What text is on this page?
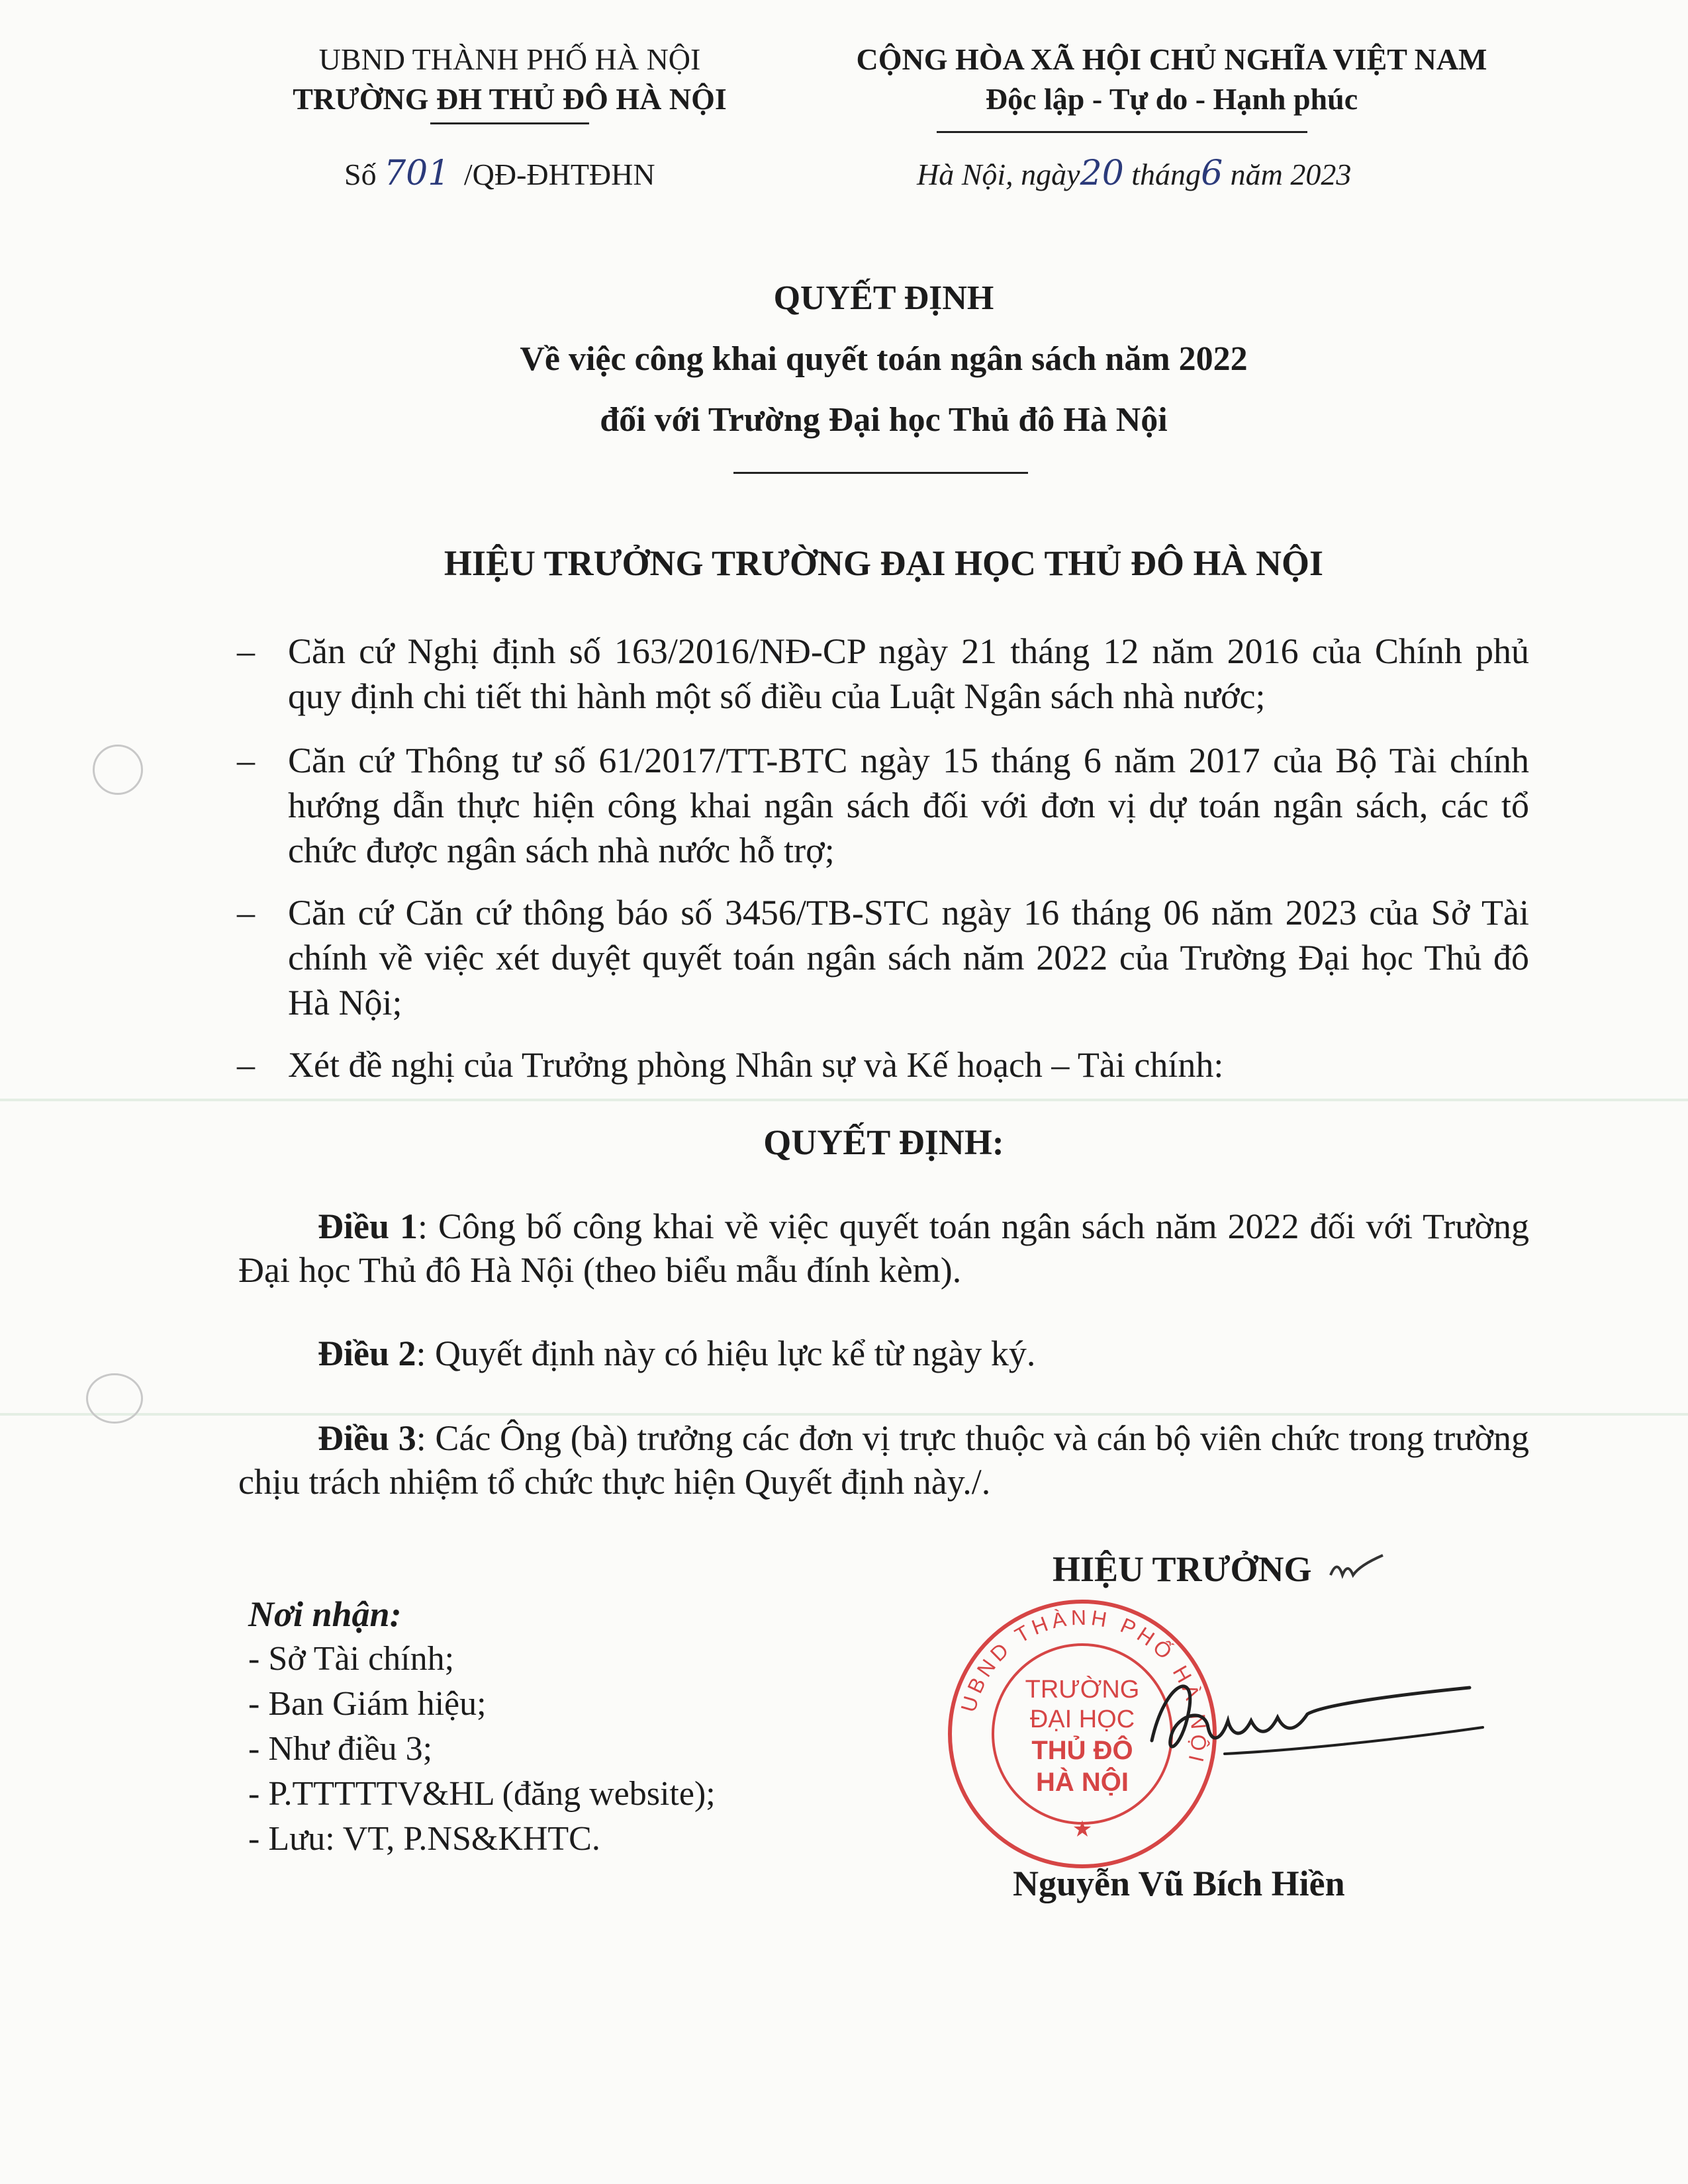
UBND THÀNH PHỐ HÀ NỘI
TRƯỜNG ĐH THỦ ĐÔ HÀ NỘI
Số 701 /QĐ-ĐHTĐHN
CỘNG HÒA XÃ HỘI CHỦ NGHĨA VIỆT NAM
Độc lập - Tự do - Hạnh phúc
Hà Nội, ngày20 tháng6 năm 2023
QUYẾT ĐỊNH
Về việc công khai quyết toán ngân sách năm 2022
đối với Trường Đại học Thủ đô Hà Nội
HIỆU TRƯỞNG TRƯỜNG ĐẠI HỌC THỦ ĐÔ HÀ NỘI
– Căn cứ Nghị định số 163/2016/NĐ-CP ngày 21 tháng 12 năm 2016 của Chính phủ quy định chi tiết thi hành một số điều của Luật Ngân sách nhà nước;
– Căn cứ Thông tư số 61/2017/TT-BTC ngày 15 tháng 6 năm 2017 của Bộ Tài chính hướng dẫn thực hiện công khai ngân sách đối với đơn vị dự toán ngân sách, các tổ chức được ngân sách nhà nước hỗ trợ;
– Căn cứ Căn cứ thông báo số 3456/TB-STC ngày 16 tháng 06 năm 2023 của Sở Tài chính về việc xét duyệt quyết toán ngân sách năm 2022 của Trường Đại học Thủ đô Hà Nội;
– Xét đề nghị của Trưởng phòng Nhân sự và Kế hoạch – Tài chính:
QUYẾT ĐỊNH:
Điều 1: Công bố công khai về việc quyết toán ngân sách năm 2022 đối với Trường Đại học Thủ đô Hà Nội (theo biểu mẫu đính kèm).
Điều 2: Quyết định này có hiệu lực kể từ ngày ký.
Điều 3: Các Ông (bà) trưởng các đơn vị trực thuộc và cán bộ viên chức trong trường chịu trách nhiệm tổ chức thực hiện Quyết định này./.
Nơi nhận:
- Sở Tài chính;
- Ban Giám hiệu;
- Như điều 3;
- P.TTTTTV&HL (đăng website);
- Lưu: VT, P.NS&KHTC.
HIỆU TRƯỞNG
UBND THÀNH PHỐ HÀ NỘI
TRƯỜNG
ĐẠI HỌC
THỦ ĐÔ
HÀ NỘI
★
Nguyễn Vũ Bích Hiền
